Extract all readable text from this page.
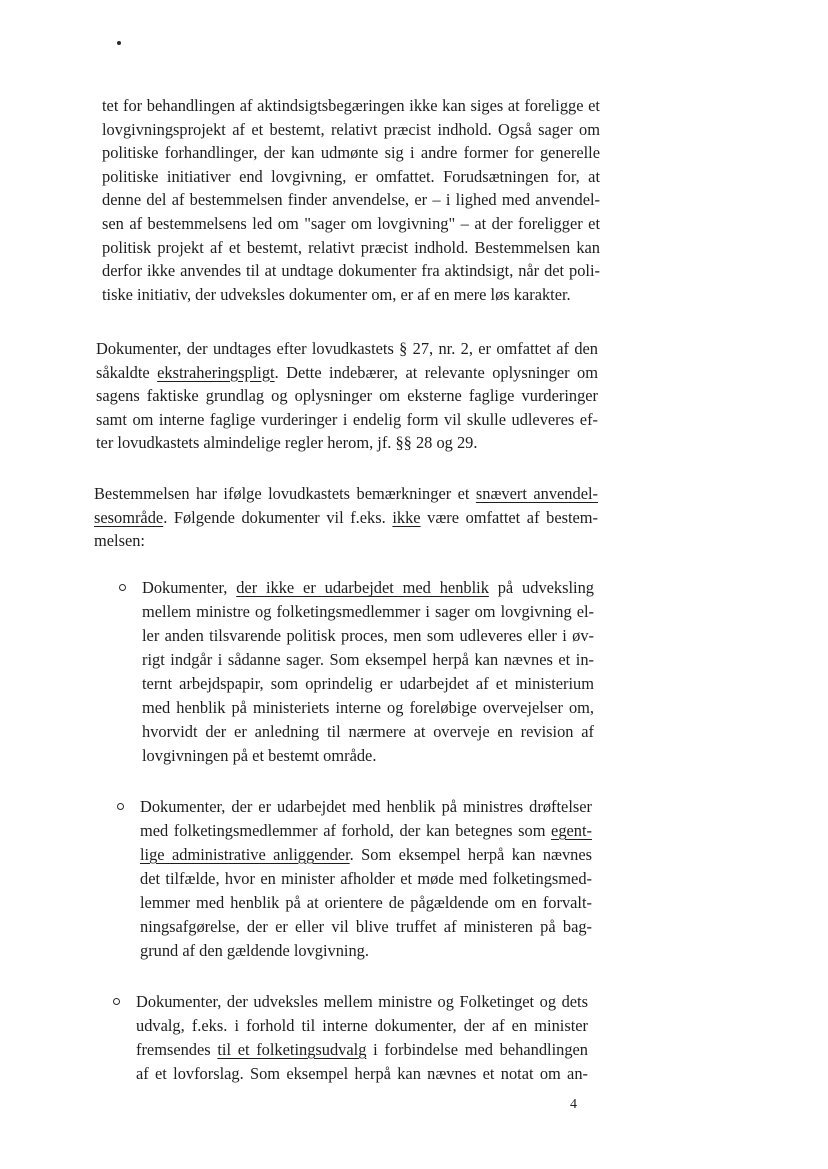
tet for behandlingen af aktindsigtsbegæringen ikke kan siges at foreligge et
lovgivningsprojekt af et bestemt, relativt præcist indhold. Også sager om
politiske forhandlinger, der kan udmønte sig i andre former for generelle
politiske initiativer end lovgivning, er omfattet. Forudsætningen for, at
denne del af bestemmelsen finder anvendelse, er – i lighed med anvendel-
sen af bestemmelsens led om "sager om lovgivning" – at der foreligger et
politisk projekt af et bestemt, relativt præcist indhold. Bestemmelsen kan
derfor ikke anvendes til at undtage dokumenter fra aktindsigt, når det poli-
tiske initiativ, der udveksles dokumenter om, er af en mere løs karakter.
Dokumenter, der undtages efter lovudkastets § 27, nr. 2, er omfattet af den
såkaldte ekstraheringspligt. Dette indebærer, at relevante oplysninger om
sagens faktiske grundlag og oplysninger om eksterne faglige vurderinger
samt om interne faglige vurderinger i endelig form vil skulle udleveres ef-
ter lovudkastets almindelige regler herom, jf. §§ 28 og 29.
Bestemmelsen har ifølge lovudkastets bemærkninger et snævert anvendel-
sesområde. Følgende dokumenter vil f.eks. ikke være omfattet af bestem-
melsen:
Dokumenter, der ikke er udarbejdet med henblik på udveksling
mellem ministre og folketingsmedlemmer i sager om lovgivning el-
ler anden tilsvarende politisk proces, men som udleveres eller i øv-
rigt indgår i sådanne sager. Som eksempel herpå kan nævnes et in-
ternt arbejdspapir, som oprindelig er udarbejdet af et ministerium
med henblik på ministeriets interne og foreløbige overvejelser om,
hvorvidt der er anledning til nærmere at overveje en revision af
lovgivningen på et bestemt område.
Dokumenter, der er udarbejdet med henblik på ministres drøftelser
med folketingsmedlemmer af forhold, der kan betegnes som egent-
lige administrative anliggender. Som eksempel herpå kan nævnes
det tilfælde, hvor en minister afholder et møde med folketingsmed-
lemmer med henblik på at orientere de pågældende om en forvalt-
ningsafgørelse, der er eller vil blive truffet af ministeren på bag-
grund af den gældende lovgivning.
Dokumenter, der udveksles mellem ministre og Folketinget og dets
udvalg, f.eks. i forhold til interne dokumenter, der af en minister
fremsendes til et folketingsudvalg i forbindelse med behandlingen
af et lovforslag. Som eksempel herpå kan nævnes et notat om an-
4
